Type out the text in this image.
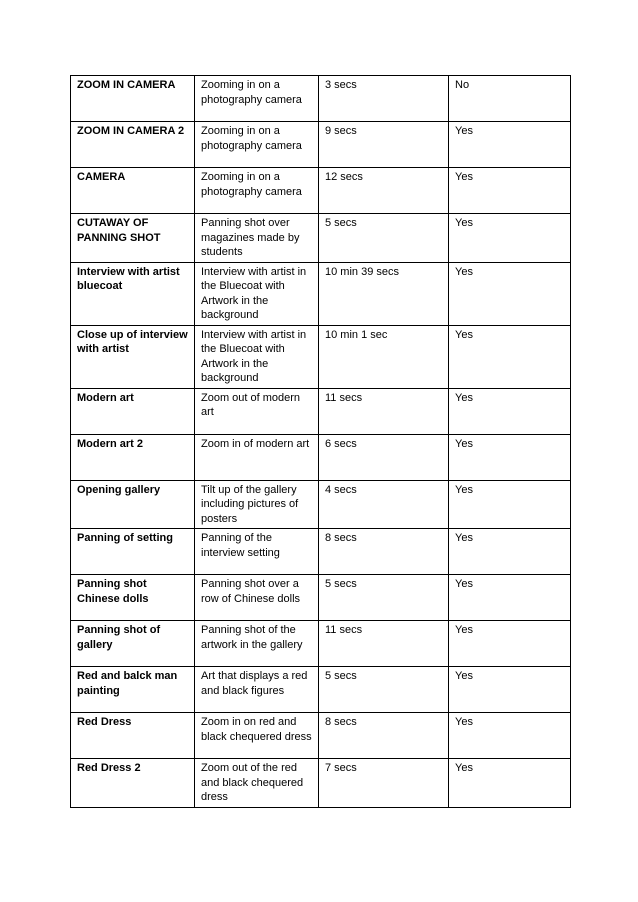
ZOOM IN CAMERA	Zooming in on a photography camera	3 secs	No
ZOOM IN CAMERA 2	Zooming in on a photography camera	9 secs	Yes
CAMERA	Zooming in on a photography camera	12 secs	Yes
CUTAWAY OF PANNING SHOT	Panning shot over magazines made by students	5 secs	Yes
Interview with artist bluecoat	Interview with artist in the Bluecoat with Artwork in the background	10 min 39 secs	Yes
Close up of interview with artist	Interview with artist in the Bluecoat with Artwork in the background	10 min 1 sec	Yes
Modern art	Zoom out of modern art	11 secs	Yes
Modern art 2	Zoom in of modern art	6 secs	Yes
Opening gallery	Tilt up of the gallery including pictures of posters	4 secs	Yes
Panning of setting	Panning of the interview setting	8 secs	Yes
Panning shot Chinese dolls	Panning shot over a row of Chinese dolls	5 secs	Yes
Panning shot of gallery	Panning shot of the artwork in the gallery	11 secs	Yes
Red and balck man painting	Art that displays a red and black figures	5 secs	Yes
Red Dress	Zoom in on red and black chequered dress	8 secs	Yes
Red Dress 2	Zoom out of the red and black chequered dress	7 secs	Yes
